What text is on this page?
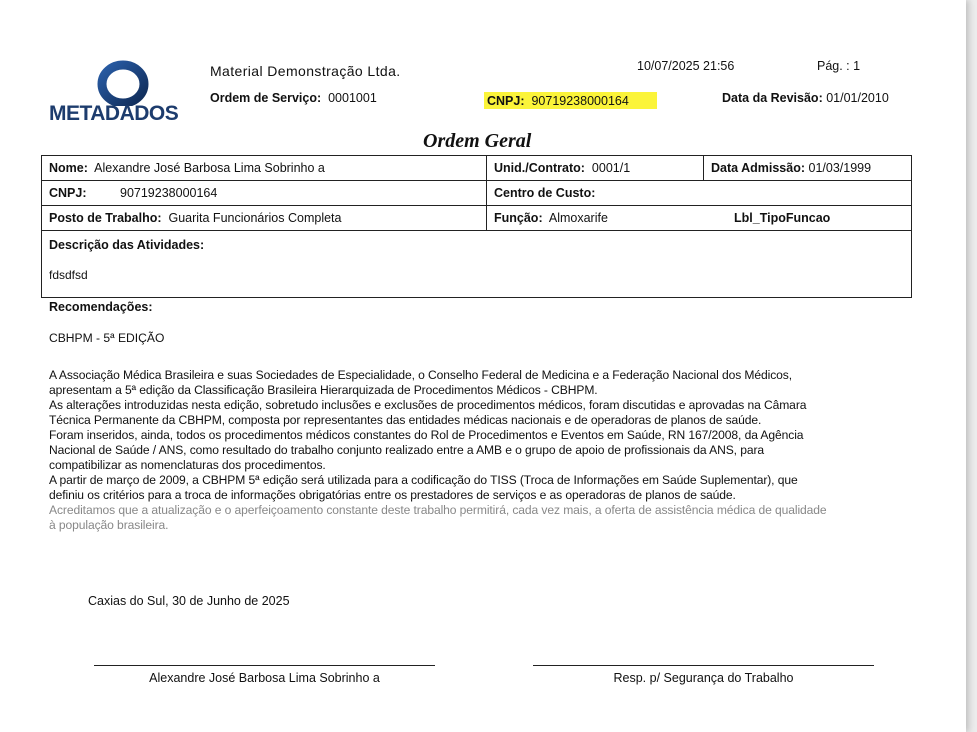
METADADOS
Material Demonstração Ltda.
Ordem de Serviço: 0001001
10/07/2025 21:56	Pág. : 1
CNPJ: 90719238000164	Data da Revisão: 01/01/2010
Ordem Geral
Nome: Alexandre José Barbosa Lima Sobrinho a	Unid./Contrato: 0001/1	Data Admissão: 01/03/1999
CNPJ:	90719238000164	Centro de Custo:
Posto de Trabalho: Guarita Funcionários Completa	Função: Almoxarife	Lbl_TipoFuncao
Descrição das Atividades:
fdsdfsd
Recomendações:
CBHPM - 5ª EDIÇÃO

A Associação Médica Brasileira e suas Sociedades de Especialidade, o Conselho Federal de Medicina e a Federação Nacional dos Médicos,

apresentam a 5ª edição da Classificação Brasileira Hierarquizada de Procedimentos Médicos - CBHPM.

As alterações introduzidas nesta edição, sobretudo inclusões e exclusões de procedimentos médicos, foram discutidas e aprovadas na Câmara

Técnica Permanente da CBHPM, composta por representantes das entidades médicas nacionais e de operadoras de planos de saúde.

Foram inseridos, ainda, todos os procedimentos médicos constantes do Rol de Procedimentos e Eventos em Saúde, RN 167/2008, da Agência

Nacional de Saúde / ANS, como resultado do trabalho conjunto realizado entre a AMB e o grupo de apoio de profissionais da ANS, para

compatibilizar as nomenclaturas dos procedimentos.

A partir de março de 2009, a CBHPM 5ª edição será utilizada para a codificação do TISS (Troca de Informações em Saúde Suplementar), que

definiu os critérios para a troca de informações obrigatórias entre os prestadores de serviços e as operadoras de planos de saúde.

Acreditamos que a atualização e o aperfeiçoamento constante deste trabalho permitirá, cada vez mais, a oferta de assistência médica de qualidade

à população brasileira.

Caxias do Sul, 30 de Junho de 2025
Alexandre José Barbosa Lima Sobrinho a	Resp. p/ Segurança do Trabalho
